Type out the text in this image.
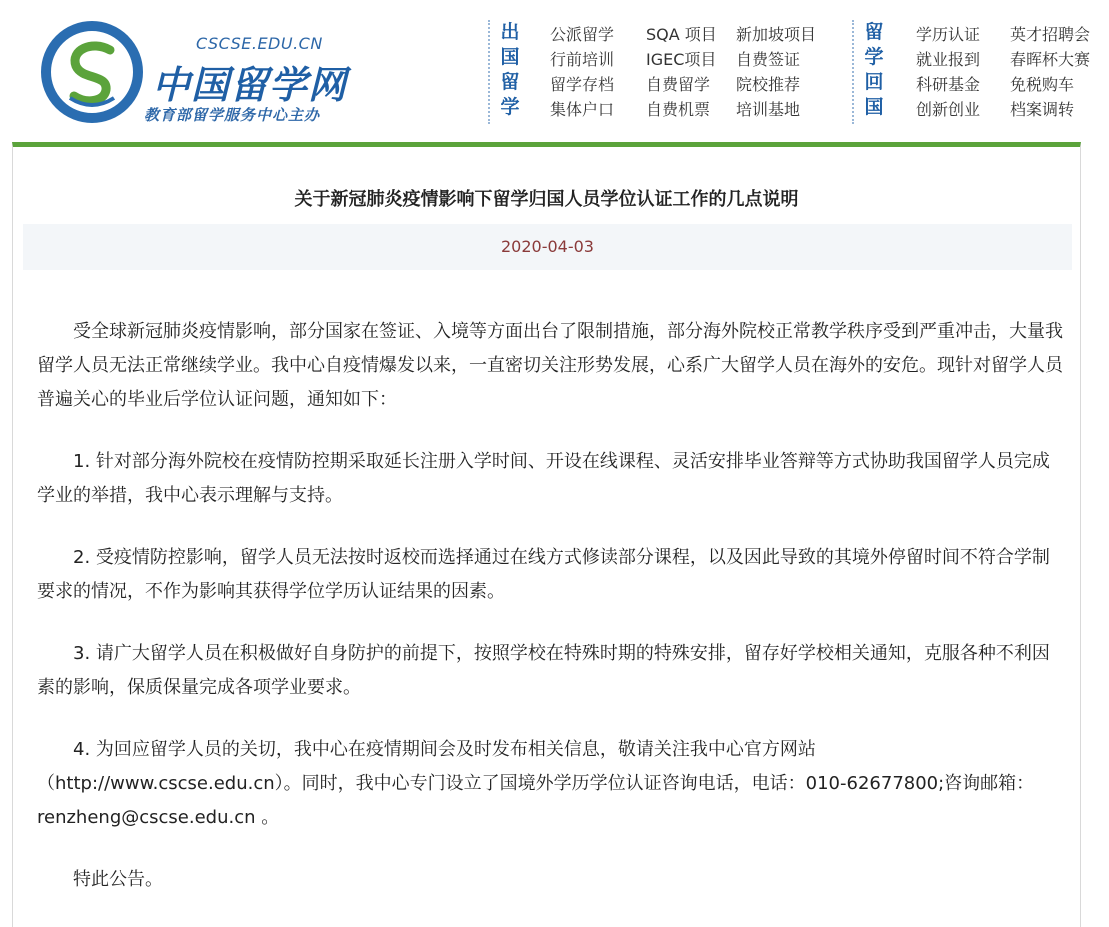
CSCSE.EDU.CN
中国留学网
教育部留学服务中心主办
出
国
留
学
公派留学
行前培训
留学存档
集体户口
SQA 项目
IGEC项目
自费留学
自费机票
新加坡项目
自费签证
院校推荐
培训基地
留
学
回
国
学历认证
就业报到
科研基金
创新创业
英才招聘会
春晖杯大赛
免税购车
档案调转
关于新冠肺炎疫情影响下留学归国人员学位认证工作的几点说明
2020-04-03

受全球新冠肺炎疫情影响，部分国家在签证、入境等方面出台了限制措施，部分海外院校正常教学秩序受到严重冲击，大量我留学人员无法正常继续学业。我中心自疫情爆发以来，一直密切关注形势发展，心系广大留学人员在海外的安危。现针对留学人员普遍关心的毕业后学位认证问题，通知如下：

1. 针对部分海外院校在疫情防控期采取延长注册入学时间、开设在线课程、灵活安排毕业答辩等方式协助我国留学人员完成学业的举措，我中心表示理解与支持。

2. 受疫情防控影响，留学人员无法按时返校而选择通过在线方式修读部分课程，以及因此导致的其境外停留时间不符合学制要求的情况，不作为影响其获得学位学历认证结果的因素。

3. 请广大留学人员在积极做好自身防护的前提下，按照学校在特殊时期的特殊安排，留存好学校相关通知，克服各种不利因素的影响，保质保量完成各项学业要求。

4. 为回应留学人员的关切，我中心在疫情期间会及时发布相关信息，敬请关注我中心官方网站（http://www.cscse.edu.cn）。同时，我中心专门设立了国境外学历学位认证咨询电话，电话：010-62677800;咨询邮箱：renzheng@cscse.edu.cn 。

特此公告。
